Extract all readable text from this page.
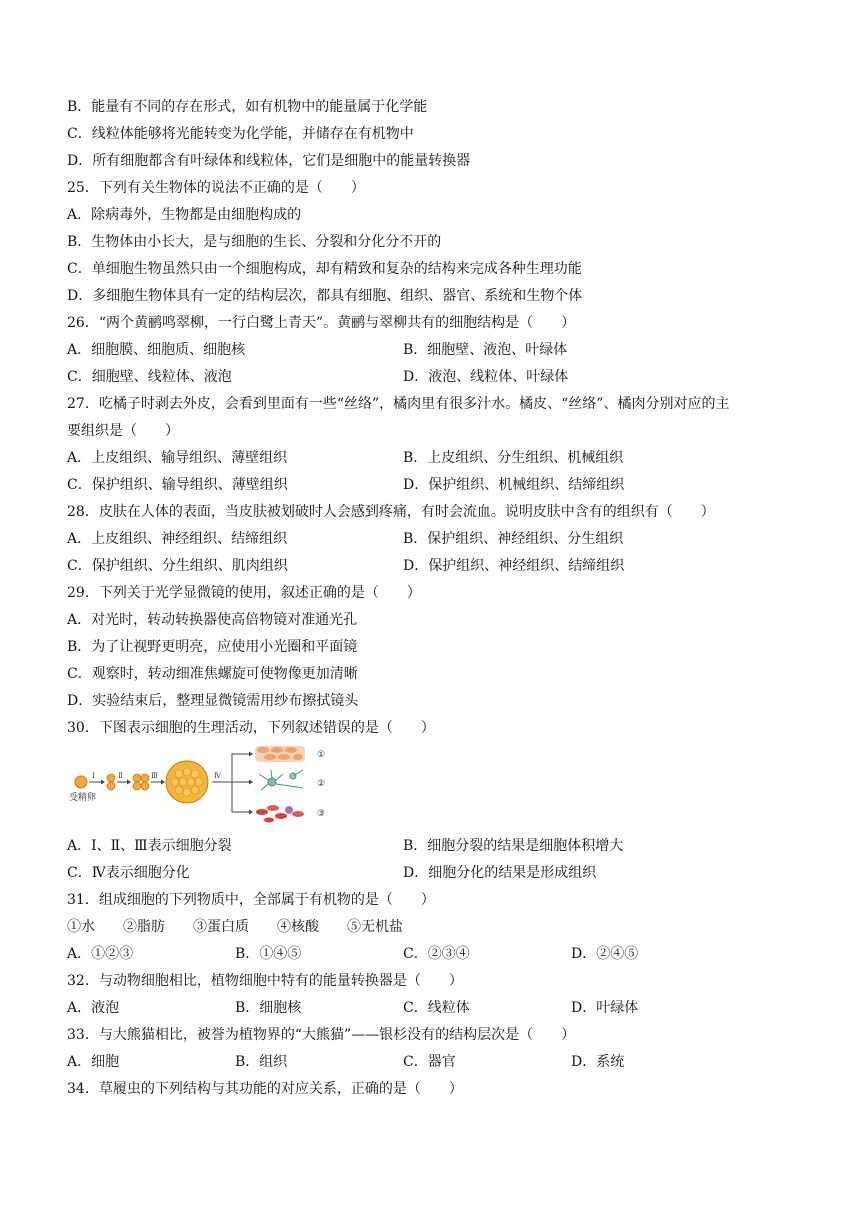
B．能量有不同的存在形式，如有机物中的能量属于化学能
C．线粒体能够将光能转变为化学能，并储存在有机物中
D．所有细胞都含有叶绿体和线粒体，它们是细胞中的能量转换器
25．下列有关生物体的说法不正确的是（　　）
A．除病毒外，生物都是由细胞构成的
B．生物体由小长大，是与细胞的生长、分裂和分化分不开的
C．单细胞生物虽然只由一个细胞构成，却有精致和复杂的结构来完成各种生理功能
D．多细胞生物体具有一定的结构层次，都具有细胞、组织、器官、系统和生物个体
26．“两个黄鹂鸣翠柳，一行白鹭上青天”。黄鹂与翠柳共有的细胞结构是（　　）
A．细胞膜、细胞质、细胞核	B．细胞壁、液泡、叶绿体
C．细胞壁、线粒体、液泡	D．液泡、线粒体、叶绿体
27．吃橘子时剥去外皮，会看到里面有一些“丝络”，橘肉里有很多汁水。橘皮、“丝络”、橘肉分别对应的主
要组织是（　　）
A．上皮组织、输导组织、薄壁组织	B．上皮组织、分生组织、机械组织
C．保护组织、输导组织、薄壁组织	D．保护组织、机械组织、结缔组织
28．皮肤在人体的表面，当皮肤被划破时人会感到疼痛，有时会流血。说明皮肤中含有的组织有（　　）
A．上皮组织、神经组织、结缔组织	B．保护组织、神经组织、分生组织
C．保护组织、分生组织、肌肉组织	D．保护组织、神经组织、结缔组织
29．下列关于光学显微镜的使用，叙述正确的是（　　）
A．对光时，转动转换器使高倍物镜对准通光孔
B．为了让视野更明亮，应使用小光圈和平面镜
C．观察时，转动细准焦螺旋可使物像更加清晰
D．实验结束后，整理显微镜需用纱布擦拭镜头
30．下图表示细胞的生理活动，下列叙述错误的是（　　）
受精卵
Ⅰ	Ⅱ	Ⅲ	Ⅳ
①
②
③
A．Ⅰ、Ⅱ、Ⅲ表示细胞分裂	B．细胞分裂的结果是细胞体积增大
C．Ⅳ表示细胞分化	D．细胞分化的结果是形成组织
31．组成细胞的下列物质中，全部属于有机物的是（　　）
①水　　②脂肪　　③蛋白质　　④核酸　　⑤无机盐
A．①②③	B．①④⑤	C．②③④	D．②④⑤
32．与动物细胞相比，植物细胞中特有的能量转换器是（　　）
A．液泡	B．细胞核	C．线粒体	D．叶绿体
33．与大熊猫相比，被誉为植物界的“大熊猫”——银杉没有的结构层次是（　　）
A．细胞	B．组织	C．器官	D．系统
34．草履虫的下列结构与其功能的对应关系，正确的是（　　）
